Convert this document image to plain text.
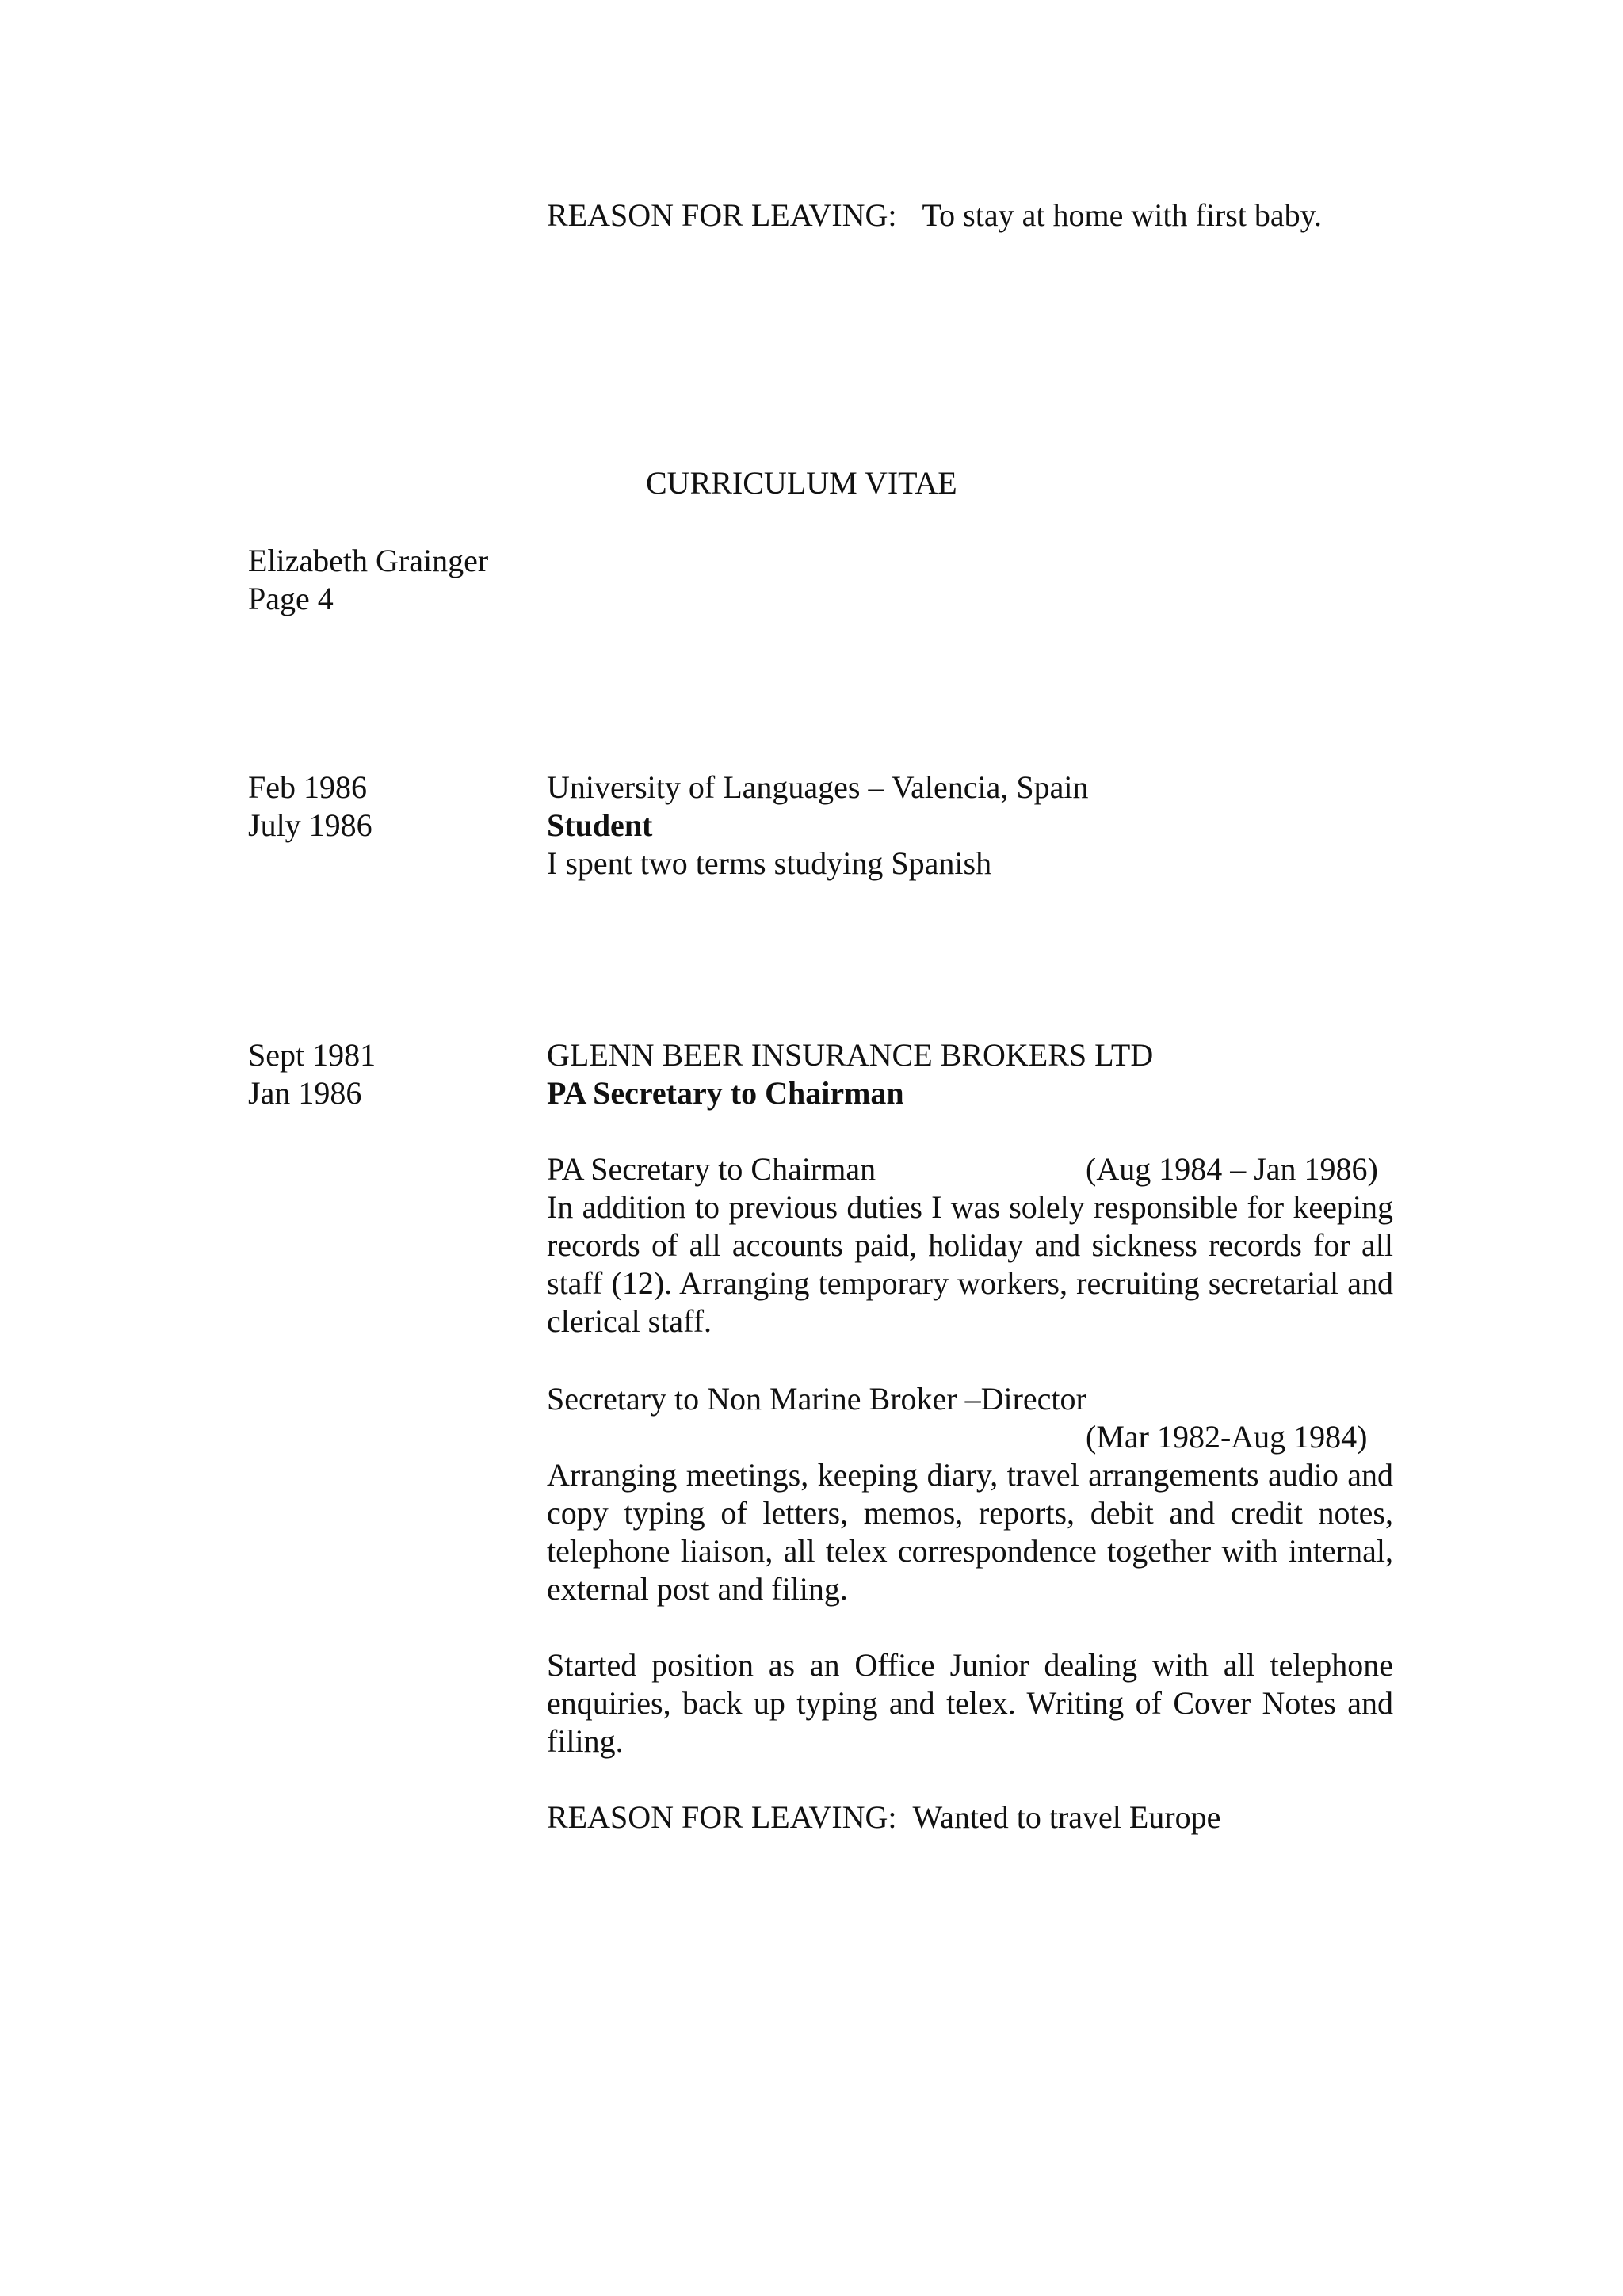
REASON FOR LEAVING: To stay at home with first baby.
CURRICULUM VITAE
Elizabeth Grainger
Page 4
Feb 1986
July 1986
University of Languages – Valencia, Spain
Student
I spent two terms studying Spanish
Sept 1981
Jan 1986
GLENN BEER INSURANCE BROKERS LTD
PA Secretary to Chairman
PA Secretary to Chairman	(Aug 1984 – Jan 1986)
In addition to previous duties I was solely responsible for keeping records of all accounts paid, holiday and sickness records for all staff (12). Arranging temporary workers, recruiting secretarial and clerical staff.
Secretary to Non Marine Broker –Director
(Mar 1982-Aug 1984)
Arranging meetings, keeping diary, travel arrangements audio and copy typing of letters, memos, reports, debit and credit notes, telephone liaison, all telex correspondence together with internal, external post and filing.
Started position as an Office Junior dealing with all telephone enquiries, back up typing and telex. Writing of Cover Notes and filing.
REASON FOR LEAVING: Wanted to travel Europe
